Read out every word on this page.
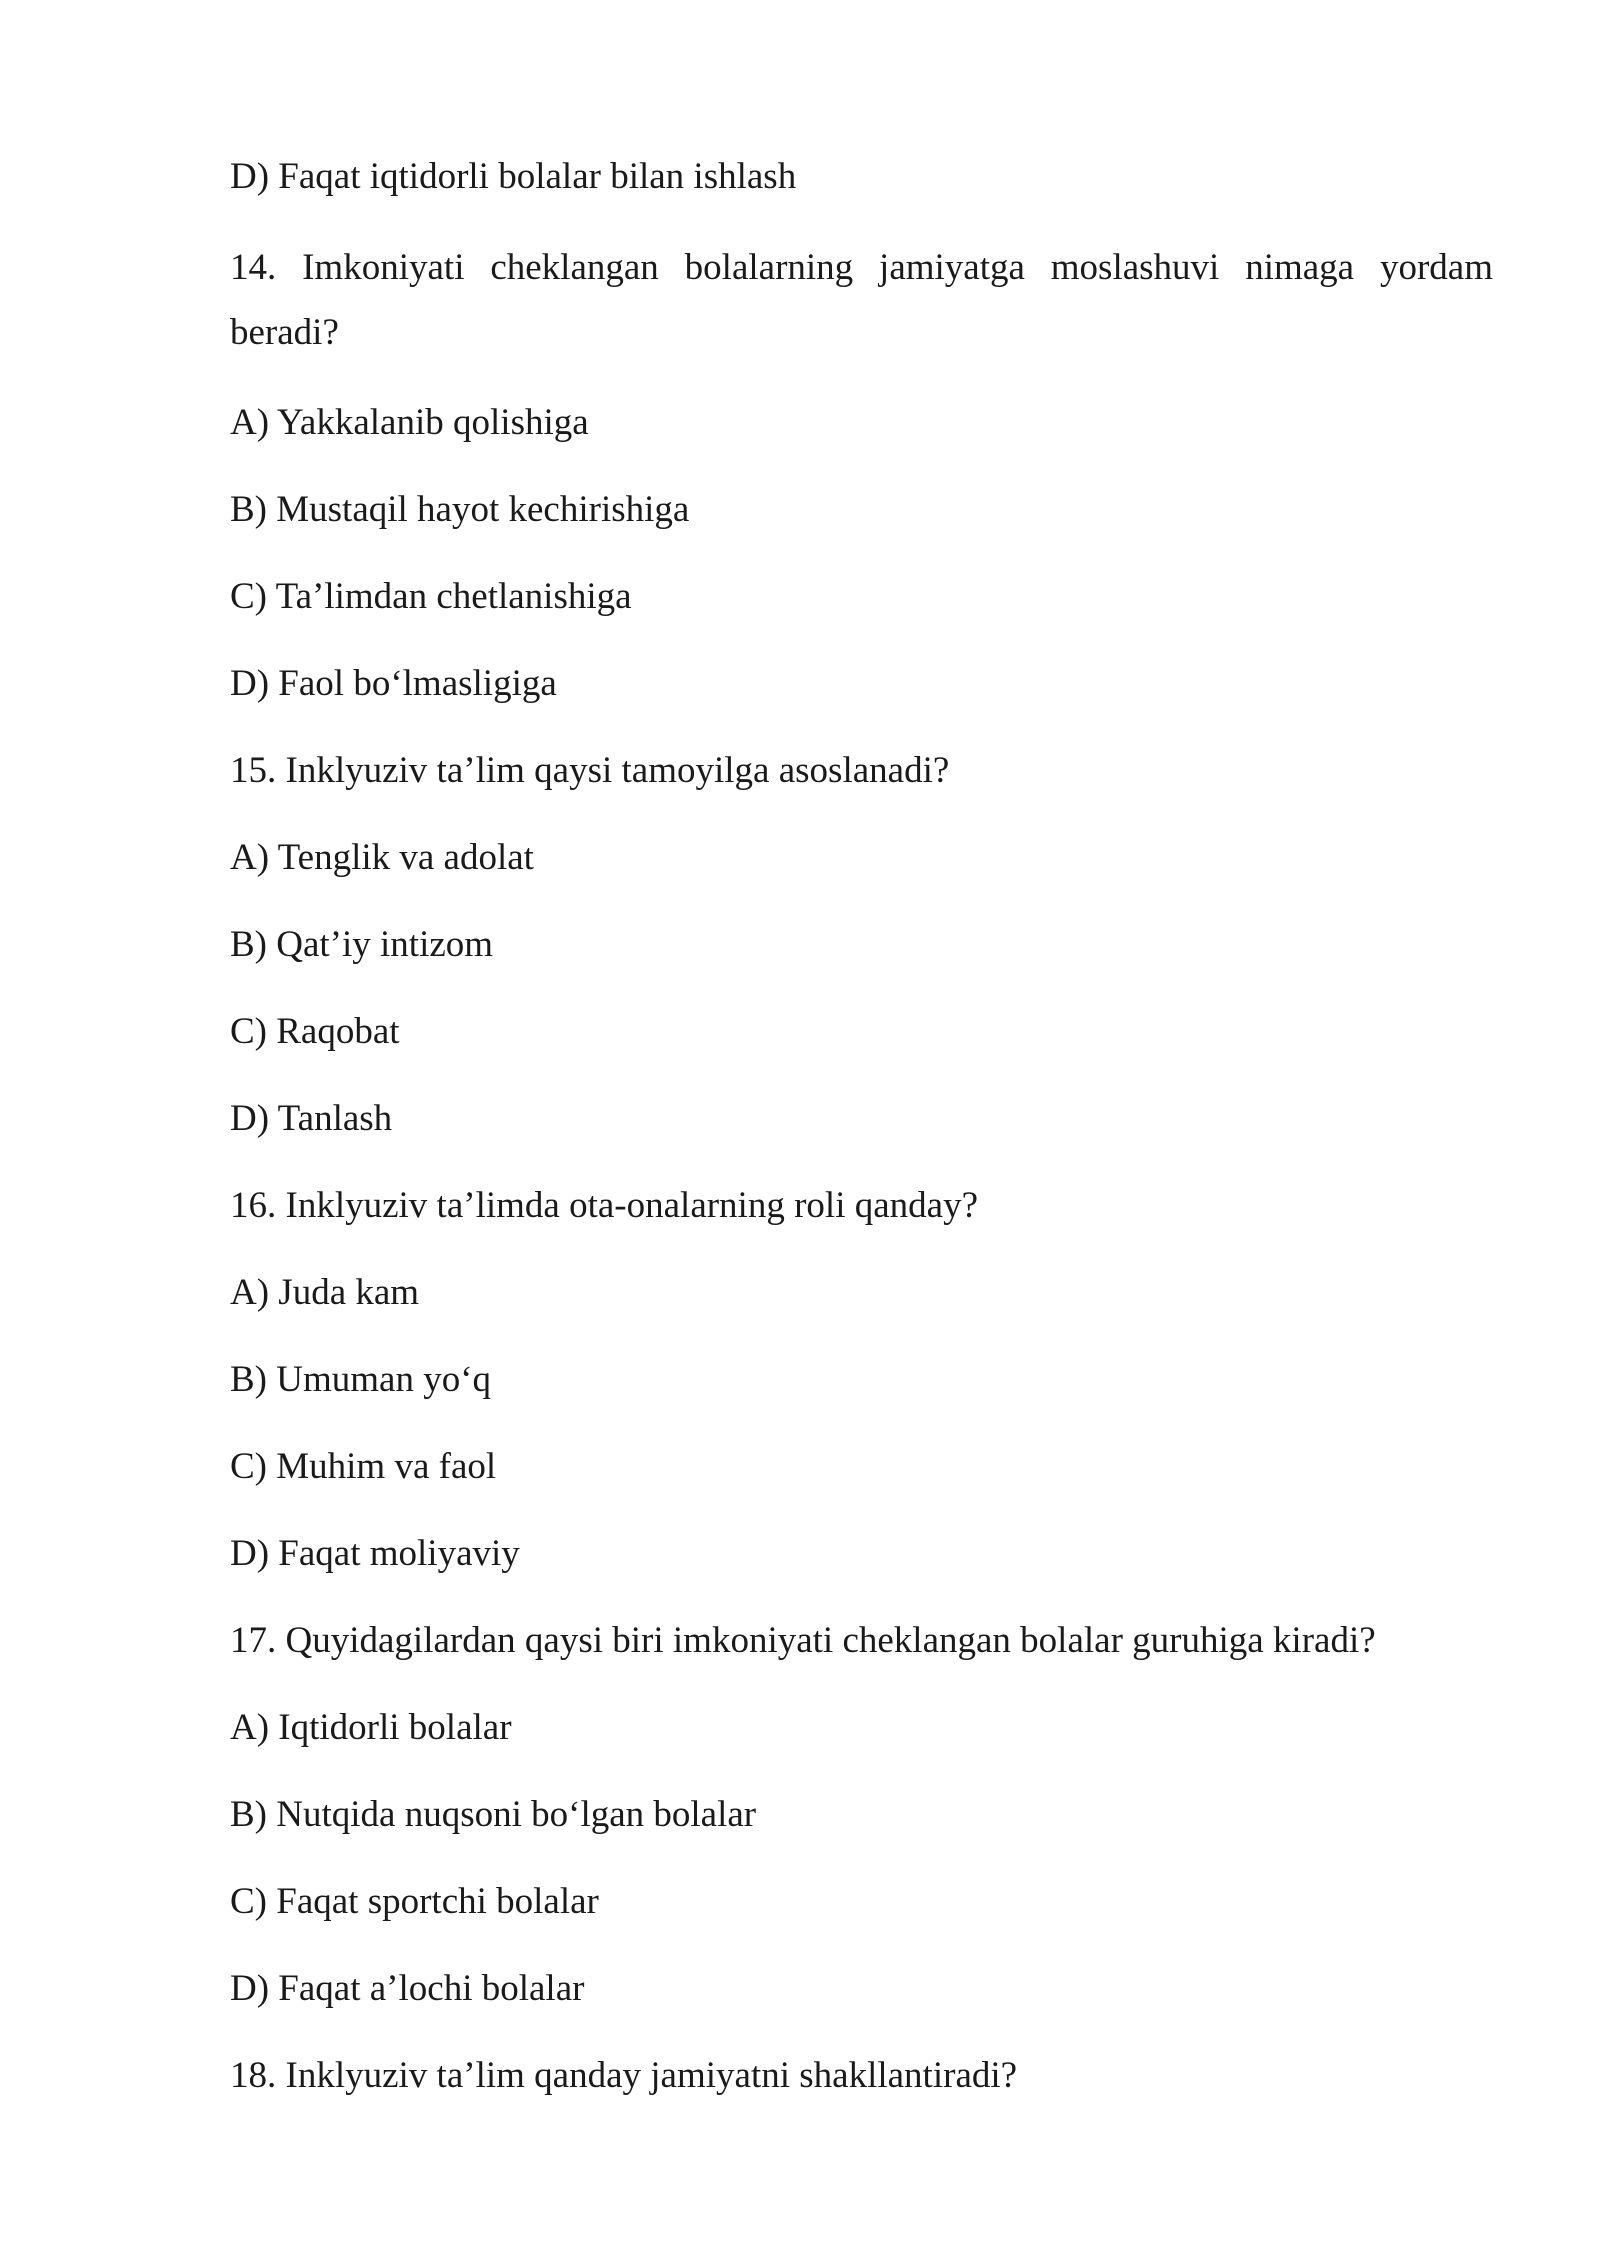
D) Faqat iqtidorli bolalar bilan ishlash
14. Imkoniyati cheklangan bolalarning jamiyatga moslashuvi nimaga yordam beradi?
A) Yakkalanib qolishiga
B) Mustaqil hayot kechirishiga
C) Ta’limdan chetlanishiga
D) Faol bo‘lmasligiga
15. Inklyuziv ta’lim qaysi tamoyilga asoslanadi?
A) Tenglik va adolat
B) Qat’iy intizom
C) Raqobat
D) Tanlash
16. Inklyuziv ta’limda ota-onalarning roli qanday?
A) Juda kam
B) Umuman yo‘q
C) Muhim va faol
D) Faqat moliyaviy
17. Quyidagilardan qaysi biri imkoniyati cheklangan bolalar guruhiga kiradi?
A) Iqtidorli bolalar
B) Nutqida nuqsoni bo‘lgan bolalar
C) Faqat sportchi bolalar
D) Faqat a’lochi bolalar
18. Inklyuziv ta’lim qanday jamiyatni shakllantiradi?
